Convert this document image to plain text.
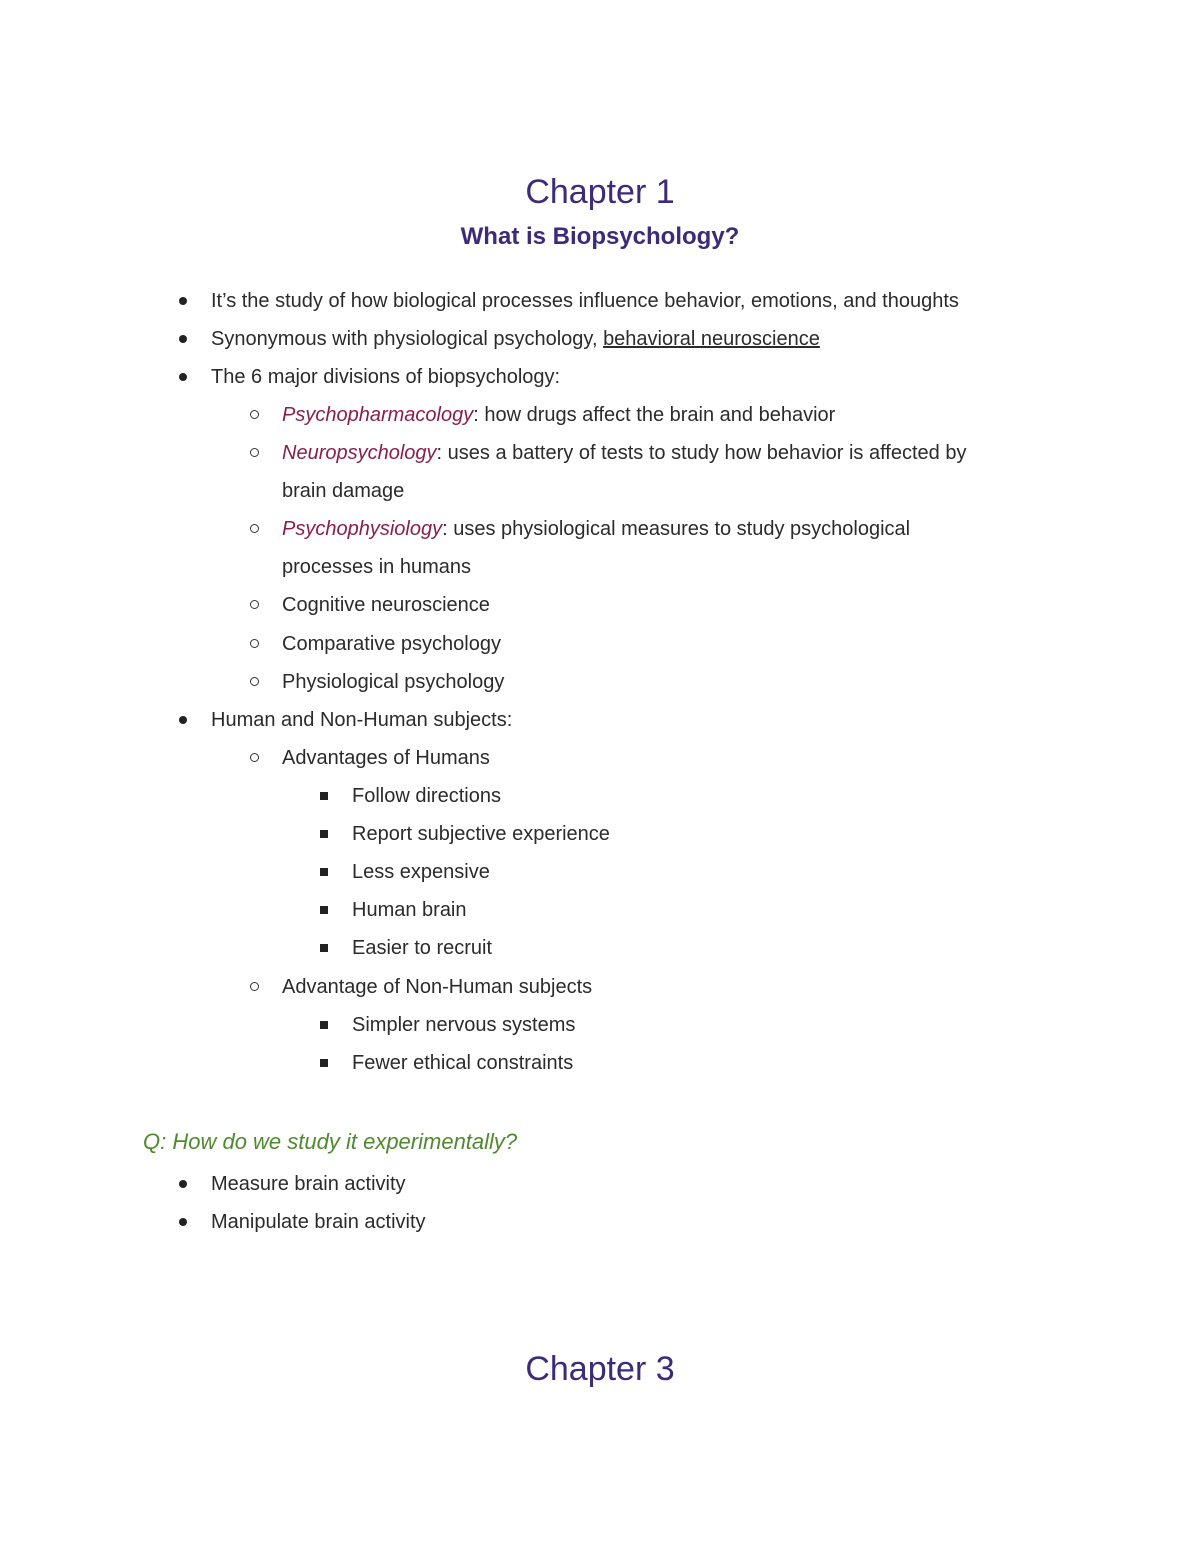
Chapter 1
What is Biopsychology?
It’s the study of how biological processes influence behavior, emotions, and thoughts
Synonymous with physiological psychology, behavioral neuroscience
The 6 major divisions of biopsychology:
Psychopharmacology: how drugs affect the brain and behavior
Neuropsychology: uses a battery of tests to study how behavior is affected by
brain damage
Psychophysiology: uses physiological measures to study psychological
processes in humans
Cognitive neuroscience
Comparative psychology
Physiological psychology
Human and Non-Human subjects:
Advantages of Humans
Follow directions
Report subjective experience
Less expensive
Human brain
Easier to recruit
Advantage of Non-Human subjects
Simpler nervous systems
Fewer ethical constraints
Q: How do we study it experimentally?
Measure brain activity
Manipulate brain activity
Chapter 3
